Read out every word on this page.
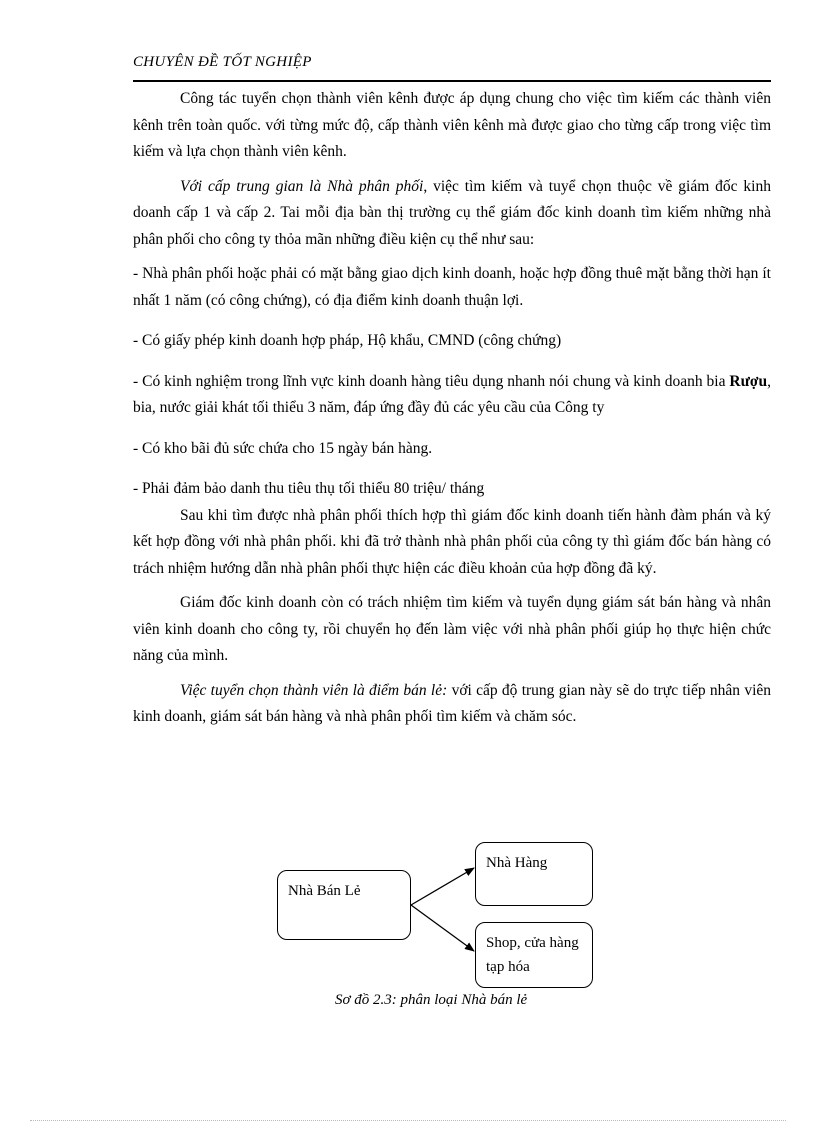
CHUYÊN ĐỀ TỐT NGHIỆP

Công tác tuyển chọn thành viên kênh được áp dụng chung cho việc tìm kiếm các thành viên kênh trên toàn quốc. với từng mức độ, cấp thành viên kênh mà được giao cho từng cấp trong việc tìm kiếm và lựa chọn thành viên kênh.

Với cấp trung gian là Nhà phân phối, việc tìm kiếm và tuyể chọn thuộc về giám đốc kinh doanh cấp 1 và cấp 2. Tai mỗi địa bàn thị trường cụ thể giám đốc kinh doanh tìm kiếm những nhà phân phối cho công ty thỏa mãn những điều kiện cụ thể như sau:

- Nhà phân phối hoặc phải có mặt bằng giao dịch kinh doanh, hoặc hợp đồng thuê mặt bằng thời hạn ít nhất 1 năm (có công chứng), có địa điểm kinh doanh thuận lợi.

- Có giấy phép kinh doanh hợp pháp, Hộ khẩu, CMND (công chứng)

- Có kinh nghiệm trong lĩnh vực kinh doanh hàng tiêu dụng nhanh nói chung và kinh doanh bia Rượu, bia, nước giải khát tối thiểu 3 năm, đáp ứng đầy đủ các yêu cầu của Công ty

- Có kho bãi đủ sức chứa cho 15 ngày bán hàng.

- Phải đảm bảo danh thu tiêu thụ tối thiểu 80 triệu/ tháng

Sau khi tìm được nhà phân phối thích hợp thì giám đốc kinh doanh tiến hành đàm phán và ký kết hợp đồng với nhà phân phối. khi đã trở thành nhà phân phối của công ty thì giám đốc bán hàng có trách nhiệm hướng dẫn nhà phân phối thực hiện các điều khoản của hợp đồng đã ký.

Giám đốc kinh doanh còn có trách nhiệm tìm kiếm và tuyển dụng giám sát bán hàng và nhân viên kinh doanh cho công ty, rồi chuyển họ đến làm việc với nhà phân phối giúp họ thực hiện chức năng của mình.

Việc tuyển chọn thành viên là điểm bán lẻ: với cấp độ trung gian này sẽ do trực tiếp nhân viên kinh doanh, giám sát bán hàng và nhà phân phối tìm kiếm và chăm sóc.

Nhà Bán Lẻ
Nhà Hàng
Shop, cửa hàng tạp hóa
Sơ đồ 2.3: phân loại Nhà bán lẻ
